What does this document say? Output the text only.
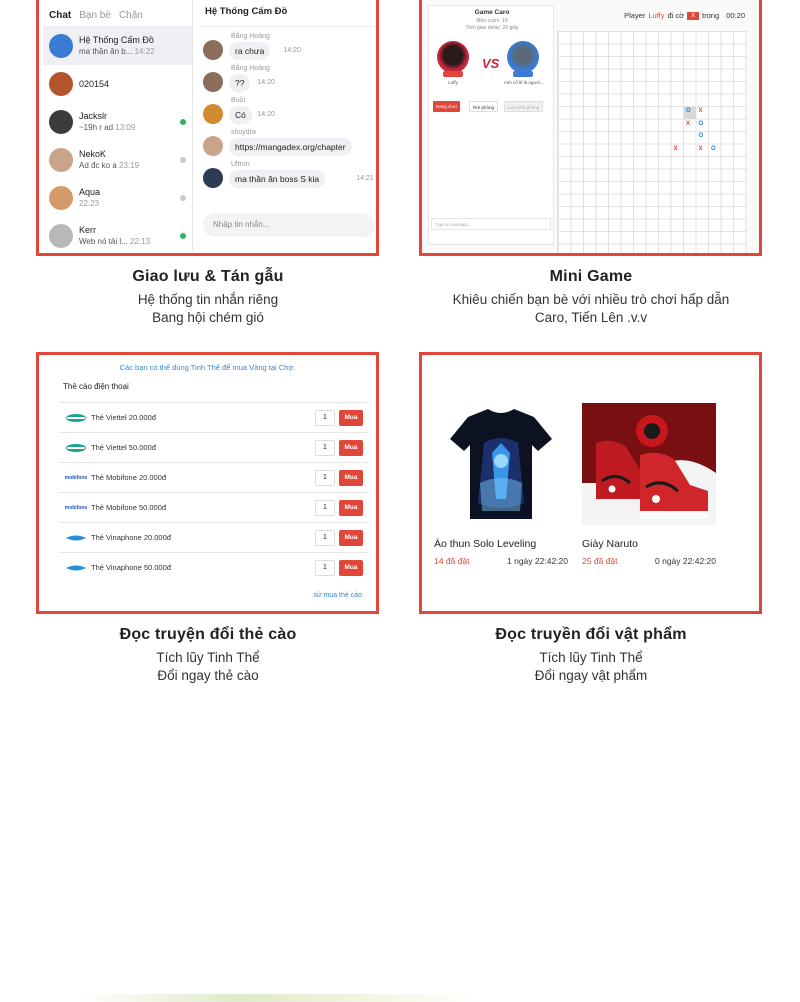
Chat Bạn bè Chặn
Hệ Thống Cấm Đồ
ma thần ăn b... 14:22
020154
Jackslr
~19h r ad 13:09
NekoK
Ad đc ko a 23:19
Aqua
22:23
Kerr
Web nó tải l... 22:13
Hệ Thống Cấm Đồ
Bằng Hoàng
ra chưa	14:20
Bằng Hoàng
??	14:20
Buồi
Có	14:20
shuydra
https://mangadex.org/chapter
Ultron
ma thần ăn boss S kia	14:21
Nhập tin nhắn...
Giao lưu & Tán gẫu
Hệ thống tin nhắn riêng
Bang hội chém gió
Game Caro
Mức cược: 10
Thời gian delay: 20 giây
Luffy
VS
Anh cổ lê là người...
Đang chơi	Rời phòng	Lưu khỏi phòng
Type a message...
Player Luffy đi cờ	X trong 00:20
X
O
X O
O
X	X O
Mini Game
Khiêu chiến bạn bè với nhiều trò chơi hấp dẫn
Caro, Tiến Lên .v.v
Các bạn có thể dùng Tinh Thể để mua Vàng tại Chợ.
Thẻ cào điện thoại
Thẻ Viettel 20.000đ	1	Mua
Thẻ Viettel 50.000đ	1	Mua
mobifone Thẻ Mobifone 20.000đ	1	Mua
mobifone Thẻ Mobifone 50.000đ	1	Mua
Thẻ Vinaphone 20.000đ	1	Mua
Thẻ Vinaphone 50.000đ	1	Mua
sử mua thẻ cào
Đọc truyện đổi thẻ cào
Tích lũy Tinh Thể
Đổi ngay thẻ cào
Áo thun Solo Leveling
14 đã đặt	1 ngày 22:42:20
Giày Naruto
25 đã đặt	0 ngày 22:42:20
Đọc truyền đổi vật phẩm
Tích lũy Tinh Thể
Đổi ngay vật phẩm
